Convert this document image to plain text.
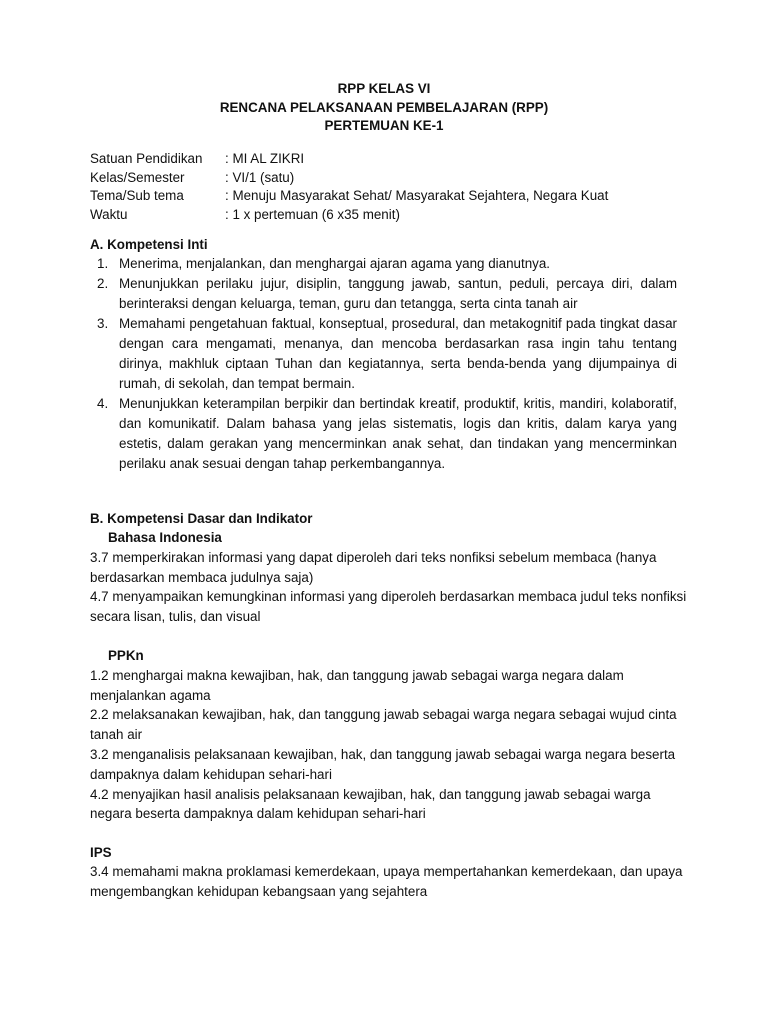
RPP KELAS VI
RENCANA PELAKSANAAN PEMBELAJARAN (RPP)
PERTEMUAN KE-1
Satuan Pendidikan	: MI AL ZIKRI
Kelas/Semester	: VI/1 (satu)
Tema/Sub tema	: Menuju Masyarakat Sehat/ Masyarakat Sejahtera, Negara Kuat
Waktu	: 1 x pertemuan (6 x35 menit)
A. Kompetensi Inti
1. Menerima, menjalankan, dan menghargai ajaran agama yang dianutnya.
2. Menunjukkan perilaku jujur, disiplin, tanggung jawab, santun, peduli, percaya diri, dalam berinteraksi dengan keluarga, teman, guru dan tetangga, serta cinta tanah air
3. Memahami pengetahuan faktual, konseptual, prosedural, dan metakognitif pada tingkat dasar dengan cara mengamati, menanya, dan mencoba berdasarkan rasa ingin tahu tentang dirinya, makhluk ciptaan Tuhan dan kegiatannya, serta benda-benda yang dijumpainya di rumah, di sekolah, dan tempat bermain.
4. Menunjukkan keterampilan berpikir dan bertindak kreatif, produktif, kritis, mandiri, kolaboratif, dan komunikatif. Dalam bahasa yang jelas sistematis, logis dan kritis, dalam karya yang estetis, dalam gerakan yang mencerminkan anak sehat, dan tindakan yang mencerminkan perilaku anak sesuai dengan tahap perkembangannya.
B. Kompetensi Dasar dan Indikator
Bahasa Indonesia

3.7 memperkirakan informasi yang dapat diperoleh dari teks nonfiksi sebelum membaca (hanya berdasarkan membaca judulnya saja)

4.7 menyampaikan kemungkinan informasi yang diperoleh berdasarkan membaca judul teks nonfiksi secara lisan, tulis, dan visual

PPKn

1.2 menghargai makna kewajiban, hak, dan tanggung jawab sebagai warga negara dalam menjalankan agama

2.2 melaksanakan kewajiban, hak, dan tanggung jawab sebagai warga negara sebagai wujud cinta tanah air

3.2 menganalisis pelaksanaan kewajiban, hak, dan tanggung jawab sebagai warga negara beserta dampaknya dalam kehidupan sehari-hari

4.2 menyajikan hasil analisis pelaksanaan kewajiban, hak, dan tanggung jawab sebagai warga negara beserta dampaknya dalam kehidupan sehari-hari

IPS

3.4 memahami makna proklamasi kemerdekaan, upaya mempertahankan kemerdekaan, dan upaya mengembangkan kehidupan kebangsaan yang sejahtera
